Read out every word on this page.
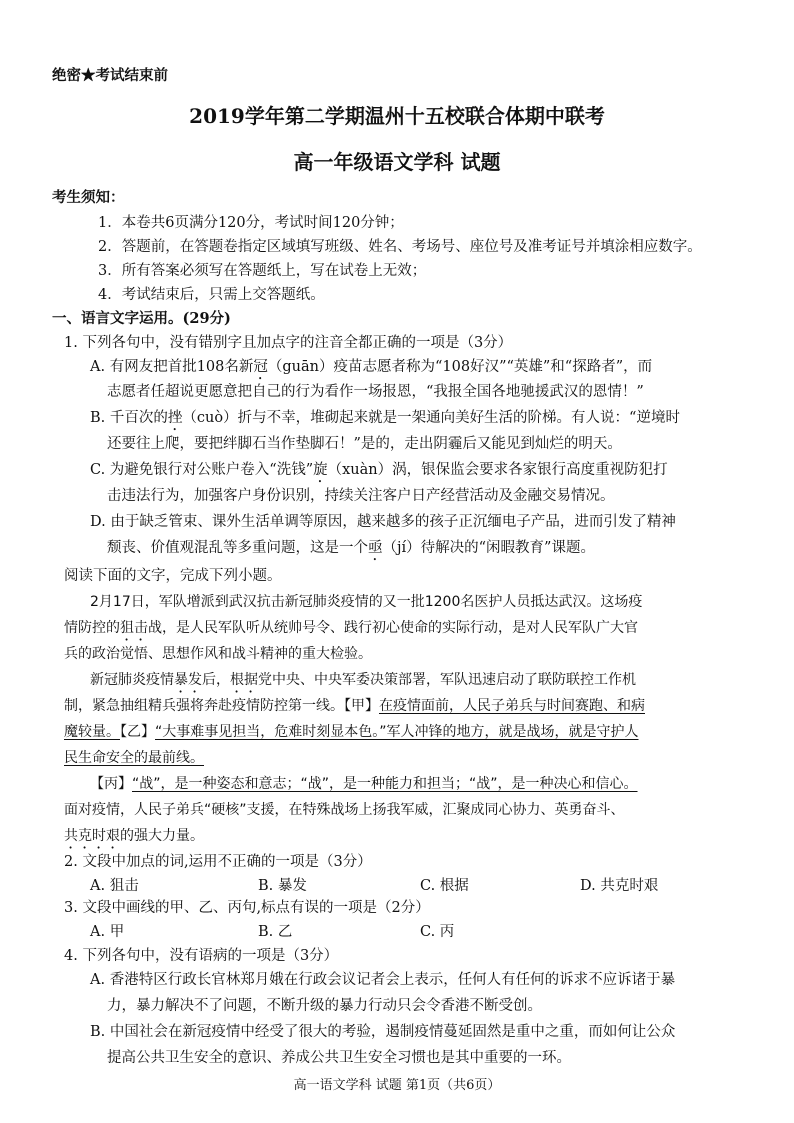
绝密★考试结束前
2019学年第二学期温州十五校联合体期中联考
高一年级语文学科 试题
考生须知：
1．本卷共6页满分120分，考试时间120分钟；
2．答题前，在答题卷指定区域填写班级、姓名、考场号、座位号及准考证号并填涂相应数字。
3．所有答案必须写在答题纸上，写在试卷上无效；
4．考试结束后，只需上交答题纸。
一、语言文字运用。(29分)
1. 下列各句中，没有错别字且加点字的注音全都正确的一项是（3分）
A. 有网友把首批108名新冠（guān）疫苗志愿者称为“108好汉”“英雄”和“探路者”，而
志愿者任超说更愿意把自己的行为看作一场报恩，“我报全国各地驰援武汉的恩情！”
B. 千百次的挫（cuò）折与不幸，堆砌起来就是一架通向美好生活的阶梯。有人说：“逆境时
还要往上爬，要把绊脚石当作垫脚石！”是的，走出阴霾后又能见到灿烂的明天。
C. 为避免银行对公账户卷入“洗钱”旋（xuàn）涡，银保监会要求各家银行高度重视防犯打
击违法行为，加强客户身份识别，持续关注客户日产经营活动及金融交易情况。
D. 由于缺乏管束、课外生活单调等原因，越来越多的孩子正沉缅电子产品，进而引发了精神
颓丧、价值观混乱等多重问题，这是一个亟（jí）待解决的“闲暇教育”课题。
阅读下面的文字，完成下列小题。
2月17日，军队增派到武汉抗击新冠肺炎疫情的又一批1200名医护人员抵达武汉。这场疫
情防控的狙击战，是人民军队听从统帅号令、践行初心使命的实际行动，是对人民军队广大官
兵的政治觉悟、思想作风和战斗精神的重大检验。
新冠肺炎疫情暴发后，根据党中央、中央军委决策部署，军队迅速启动了联防联控工作机
制，紧急抽组精兵强将奔赴疫情防控第一线。【甲】在疫情面前，人民子弟兵与时间赛跑、和病
魔较量。【乙】“大事难事见担当，危难时刻显本色。”军人冲锋的地方，就是战场，就是守护人
民生命安全的最前线。
【丙】“战”，是一种姿态和意志；“战”，是一种能力和担当；“战”，是一种决心和信心。
面对疫情，人民子弟兵“硬核”支援，在特殊战场上扬我军威，汇聚成同心协力、英勇奋斗、
共克时艰的强大力量。
2. 文段中加点的词,运用不正确的一项是（3分）
A. 狙击	B. 暴发	C. 根据	D. 共克时艰
3. 文段中画线的甲、乙、丙句,标点有误的一项是（2分）
A. 甲	B. 乙	C. 丙
4. 下列各句中，没有语病的一项是（3分）
A. 香港特区行政长官林郑月娥在行政会议记者会上表示，任何人有任何的诉求不应诉诸于暴
力，暴力解决不了问题，不断升级的暴力行动只会令香港不断受创。
B. 中国社会在新冠疫情中经受了很大的考验，遏制疫情蔓延固然是重中之重，而如何让公众
提高公共卫生安全的意识、养成公共卫生安全习惯也是其中重要的一环。
高一语文学科 试题 第1页（共6页）
